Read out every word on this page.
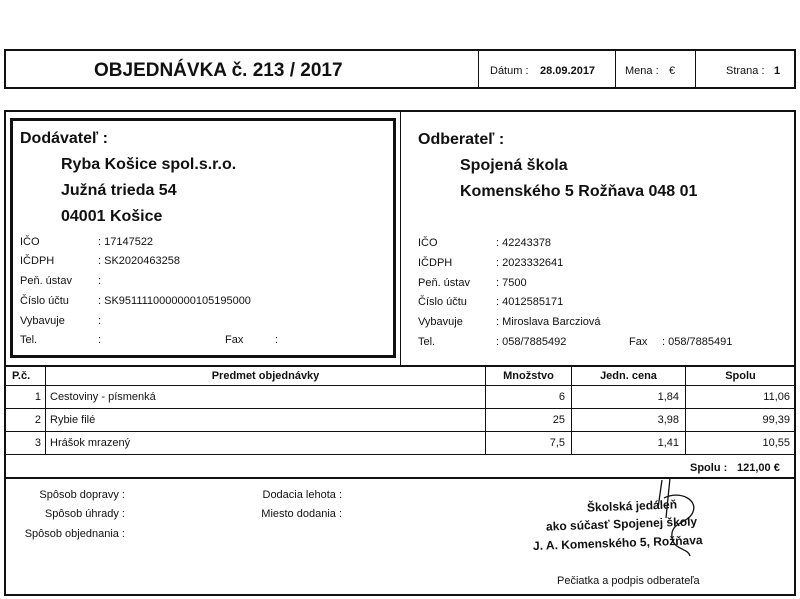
OBJEDNÁVKA č. 213 / 2017	Dátum : 28.09.2017	Mena : €	Strana : 1
Dodávateľ :
Ryba Košice spol.s.r.o.
Južná trieda 54
04001 Košice
IČO	: 17147522
IČDPH	: SK2020463258
Peň. ústav :
Číslo účtu	: SK9511110000000105195000
Vybavuje	:
Tel.	:	Fax	:
Odberateľ :
Spojená škola
Komenského 5 Rožňava 048 01
IČO	: 42243378
IČDPH	: 2023332641
Peň. ústav : 7500
Číslo účtu	: 4012585171
Vybavuje	: Miroslava Barcziová
Tel.	: 058/7885492	Fax : 058/7885491
P.č.	Predmet objednávky	Množstvo	Jedn. cena	Spolu
1 Cestoviny - písmenká	6	1,84	11,06
2 Rybie filé	25	3,98	99,39
3 Hrášok mrazený	7,5	1,41	10,55
Spolu : 121,00 €
Spôsob dopravy :
Spôsob úhrady :
Spôsob objednania :
Dodacia lehota :
Miesto dodania :	Školská jedáleň
ako súčasť Spojenej školy
J. A. Komenského 5, Rožňava
Pečiatka a podpis odberateľa
